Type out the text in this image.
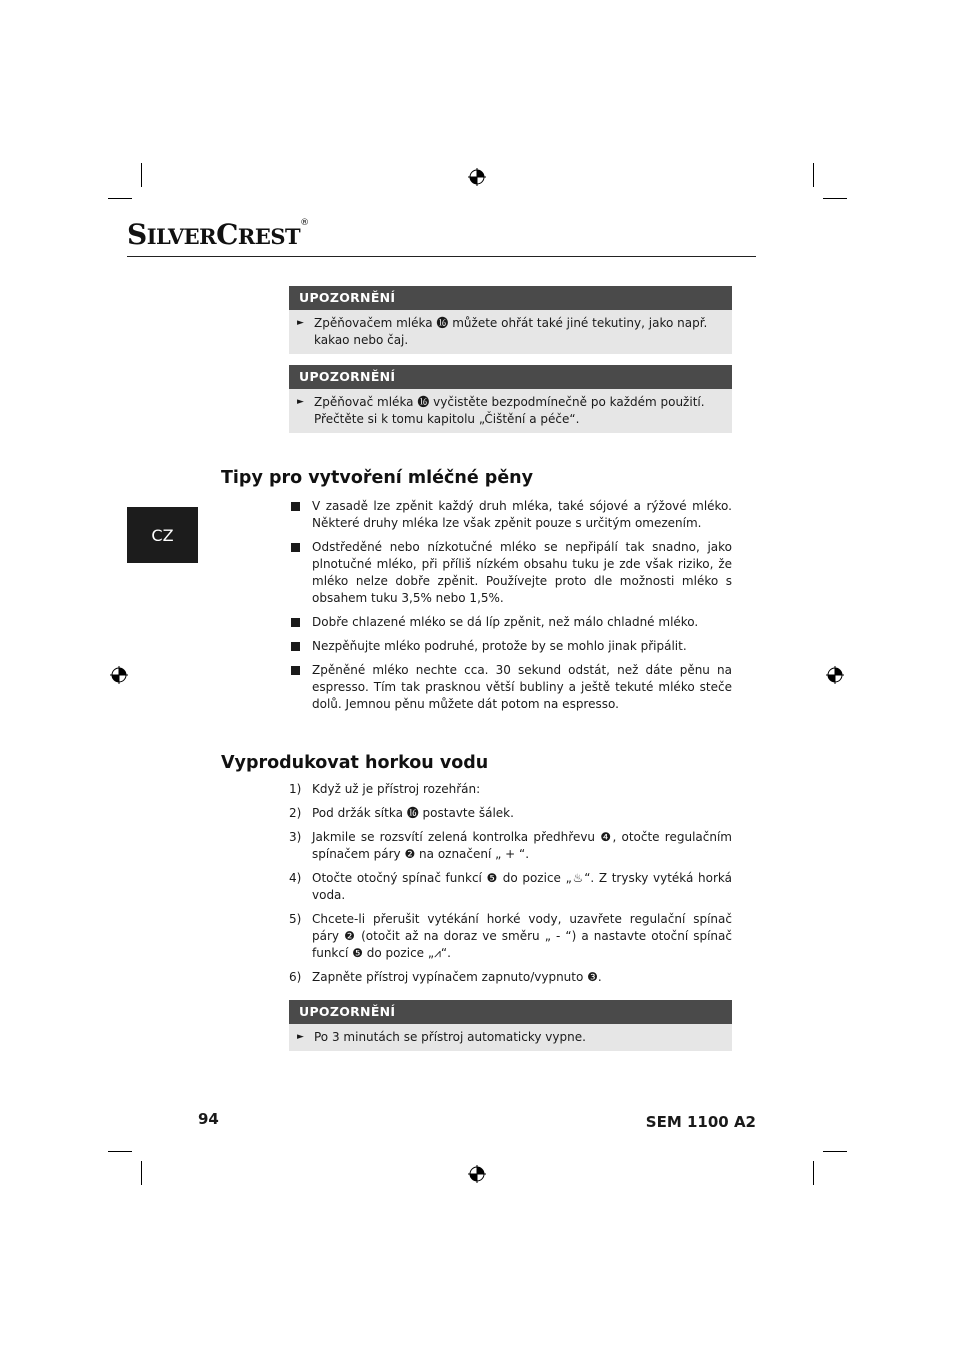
SILVERCREST®
CZ
UPOZORNĚNÍ
► Zpěňovačem mléka ⓰ můžete ohřát také jiné tekutiny, jako např. kakao nebo čaj.
UPOZORNĚNÍ
► Zpěňovač mléka ⓰ vyčistěte bezpodmínečně po každém použití. Přečtěte si k tomu kapitolu „Čištění a péče“.
Tipy pro vytvoření mléčné pěny
V zasadě lze zpěnit každý druh mléka, také sójové a rýžové mléko. Některé druhy mléka lze však zpěnit pouze s určitým omezením.
Odstředěné nebo nízkotučné mléko se nepřipálí tak snadno, jako plnotučné mléko, při příliš nízkém obsahu tuku je zde však riziko, že mléko nelze dobře zpěnit. Používejte proto dle možnosti mléko s obsahem tuku 3,5% nebo 1,5%.
Dobře chlazené mléko se dá líp zpěnit, než málo chladné mléko.
Nezpěňujte mléko podruhé, protože by se mohlo jinak připálit.
Zpěněné mléko nechte cca. 30 sekund odstát, než dáte pěnu na espresso. Tím tak prasknou větší bubliny a ještě tekuté mléko steče dolů. Jemnou pěnu můžete dát potom na espresso.
Vyprodukovat horkou vodu
1) Když už je přístroj rozehřán:
2) Pod držák sítka ⓰ postavte šálek.
3) Jakmile se rozsvítí zelená kontrolka předhřevu ❹, otočte regulačním spínačem páry ❷ na označení „ + “.
4) Otočte otočný spínač funkcí ❺ do pozice „♨“. Z trysky vytéká horká voda.
5) Chcete-li přerušit vytékání horké vody, uzavřete regulační spínač páry ❷ (otočit až na doraz ve směru „ - “) a nastavte otoční spínač funkcí ❺ do pozice „⩘“.
6) Zapněte přístroj vypínačem zapnuto/vypnuto ❸.
UPOZORNĚNÍ
► Po 3 minutách se přístroj automaticky vypne.
94	SEM 1100 A2
